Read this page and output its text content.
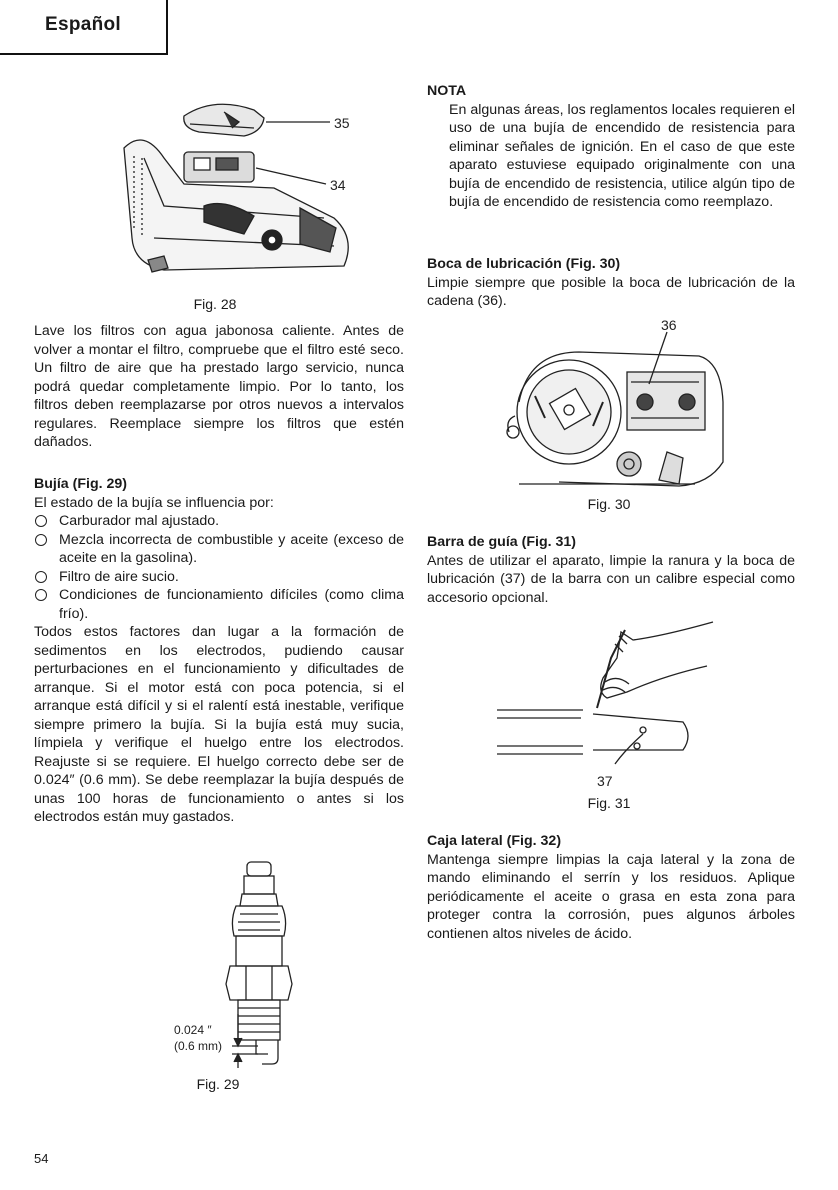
Español
35
34
Fig. 28

Lave los filtros con agua jabonosa caliente. Antes de volver a montar el filtro, compruebe que el filtro esté seco. Un filtro de aire que ha prestado largo servicio, nunca podrá quedar completamente limpio. Por lo tanto, los filtros deben reemplazarse por otros nuevos a intervalos regulares. Reemplace siempre los filtros que estén dañados.

Bujía (Fig. 29)

El estado de la bujía se influencia por:

Carburador mal ajustado.
Mezcla incorrecta de combustible y aceite (exceso de aceite en la gasolina).
Filtro de aire sucio.
Condiciones de funcionamiento difíciles (como clima frío).

Todos estos factores dan lugar a la formación de sedimentos en los electrodos, pudiendo causar perturbaciones en el funcionamiento y dificultades de arranque. Si el motor está con poca potencia, si el arranque está difícil y si el ralentí está inestable, verifique siempre primero la bujía. Si la bujía está muy sucia, límpiela y verifique el huelgo entre los electrodos. Reajuste si se requiere. El huelgo correcto debe ser de 0.024″ (0.6 mm). Se debe reemplazar la bujía después de unas 100 horas de funcionamiento o antes si los electrodos están muy gastados.

0.024 ″
(0.6 mm)
Fig. 29
NOTA

En algunas áreas, los reglamentos locales requieren el uso de una bujía de encendido de resistencia para eliminar señales de ignición. En el caso de que este aparato estuviese equipado originalmente con una bujía de encendido de resistencia, utilice algún tipo de bujía de encendido de resistencia como reemplazo.

Boca de lubricación (Fig. 30)

Limpie siempre que posible la boca de lubricación de la cadena (36).

36
Fig. 30
Barra de guía (Fig. 31)

Antes de utilizar el aparato, limpie la ranura y la boca de lubricación (37) de la barra con un calibre especial como accesorio opcional.

37
Fig. 31
Caja lateral (Fig. 32)

Mantenga siempre limpias la caja lateral y la zona de mando eliminando el serrín y los residuos. Aplique periódicamente el aceite o grasa en esta zona para proteger contra la corrosión, pues algunos árboles contienen altos niveles de ácido.

54
